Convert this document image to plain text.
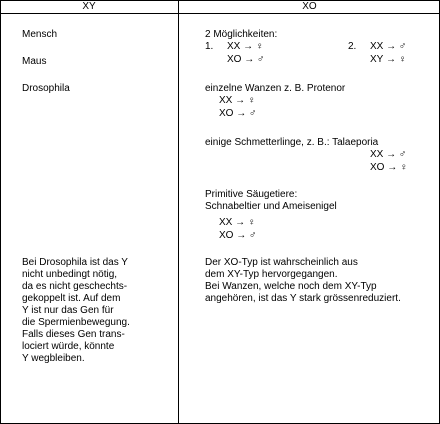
XY	XO
Mensch
Maus
Drosophila
Bei Drosophila ist das Y
nicht unbedingt nötig,
da es nicht geschechts-
gekoppelt ist. Auf dem
Y ist nur das Gen für
die Spermienbewegung.
Falls dieses Gen trans-
lociert würde, könnte
Y wegbleiben.
2 Möglichkeiten:
1. XX → ♀
XO → ♂
2. XX → ♂
XY → ♀
einzelne Wanzen z. B. Protenor
XX → ♀
XO → ♂
einige Schmetterlinge, z. B.: Talaeporia
XX → ♂
XO → ♀
Primitive Säugetiere:
Schnabeltier und Ameisenigel
XX → ♀
XO → ♂
Der XO-Typ ist wahrscheinlich aus
dem XY-Typ hervorgegangen.
Bei Wanzen, welche noch dem XY-Typ
angehören, ist das Y stark grössenreduziert.
